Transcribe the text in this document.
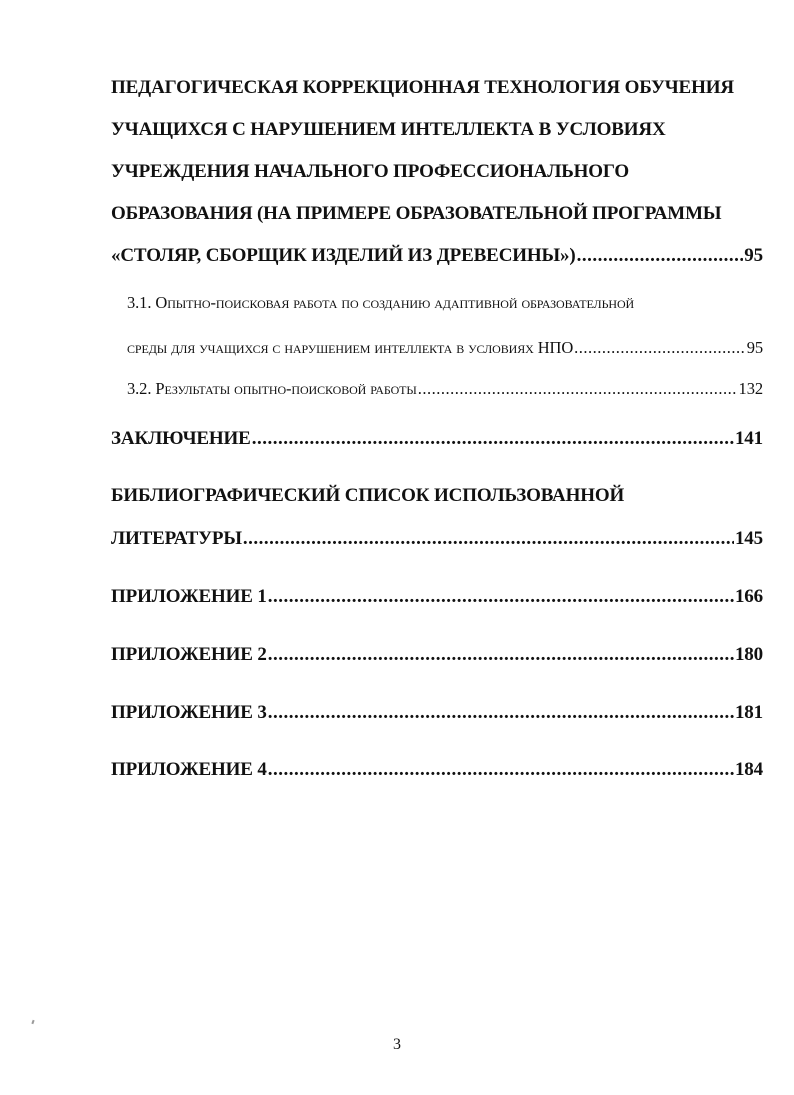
ПЕДАГОГИЧЕСКАЯ КОРРЕКЦИОННАЯ ТЕХНОЛОГИЯ ОБУЧЕНИЯ
УЧАЩИХСЯ С НАРУШЕНИЕМ ИНТЕЛЛЕКТА В УСЛОВИЯХ
УЧРЕЖДЕНИЯ НАЧАЛЬНОГО ПРОФЕССИОНАЛЬНОГО
ОБРАЗОВАНИЯ (НА ПРИМЕРЕ ОБРАЗОВАТЕЛЬНОЙ ПРОГРАММЫ
«СТОЛЯР, СБОРЩИК ИЗДЕЛИЙ ИЗ ДРЕВЕСИНЫ») .....	95
3.1. Опытно-поисковая работа по созданию адаптивной образовательной
среды для учащихся с нарушением интеллекта в условиях НПО .....	95
3.2. Результаты опытно-поисковой работы .....	132
ЗАКЛЮЧЕНИЕ .....	141
БИБЛИОГРАФИЧЕСКИЙ СПИСОК ИСПОЛЬЗОВАННОЙ
ЛИТЕРАТУРЫ .....	145
ПРИЛОЖЕНИЕ 1 .....	166
ПРИЛОЖЕНИЕ 2 .....	180
ПРИЛОЖЕНИЕ 3 .....	181
ПРИЛОЖЕНИЕ 4 .....	184
3
